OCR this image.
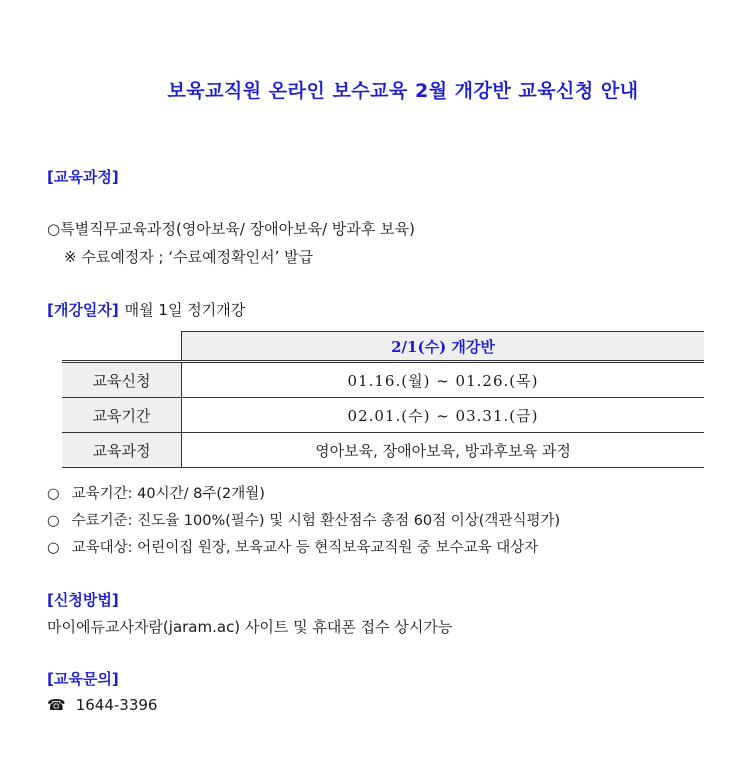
보육교직원 온라인 보수교육 2월 개강반 교육신청 안내
[교육과정]
○특별직무교육과정(영아보육/ 장애아보육/ 방과후 보육)
※ 수료예정자 ; ‘수료예정확인서’ 발급
[개강일자] 매월 1일 정기개강
	2/1(수) 개강반
교육신청	01.16.(월) ~ 01.26.(목)
교육기간	02.01.(수) ~ 03.31.(금)
교육과정	영아보육, 장애아보육, 방과후보육 과정
○ 교육기간: 40시간/ 8주(2개월)
○ 수료기준: 진도율 100%(필수) 및 시험 환산점수 총점 60점 이상(객관식평가)
○ 교육대상: 어린이집 원장, 보육교사 등 현직보육교직원 중 보수교육 대상자
[신청방법]
마이에듀교사자람(jaram.ac) 사이트 및 휴대폰 접수 상시가능
[교육문의]
☎ 1644-3396
